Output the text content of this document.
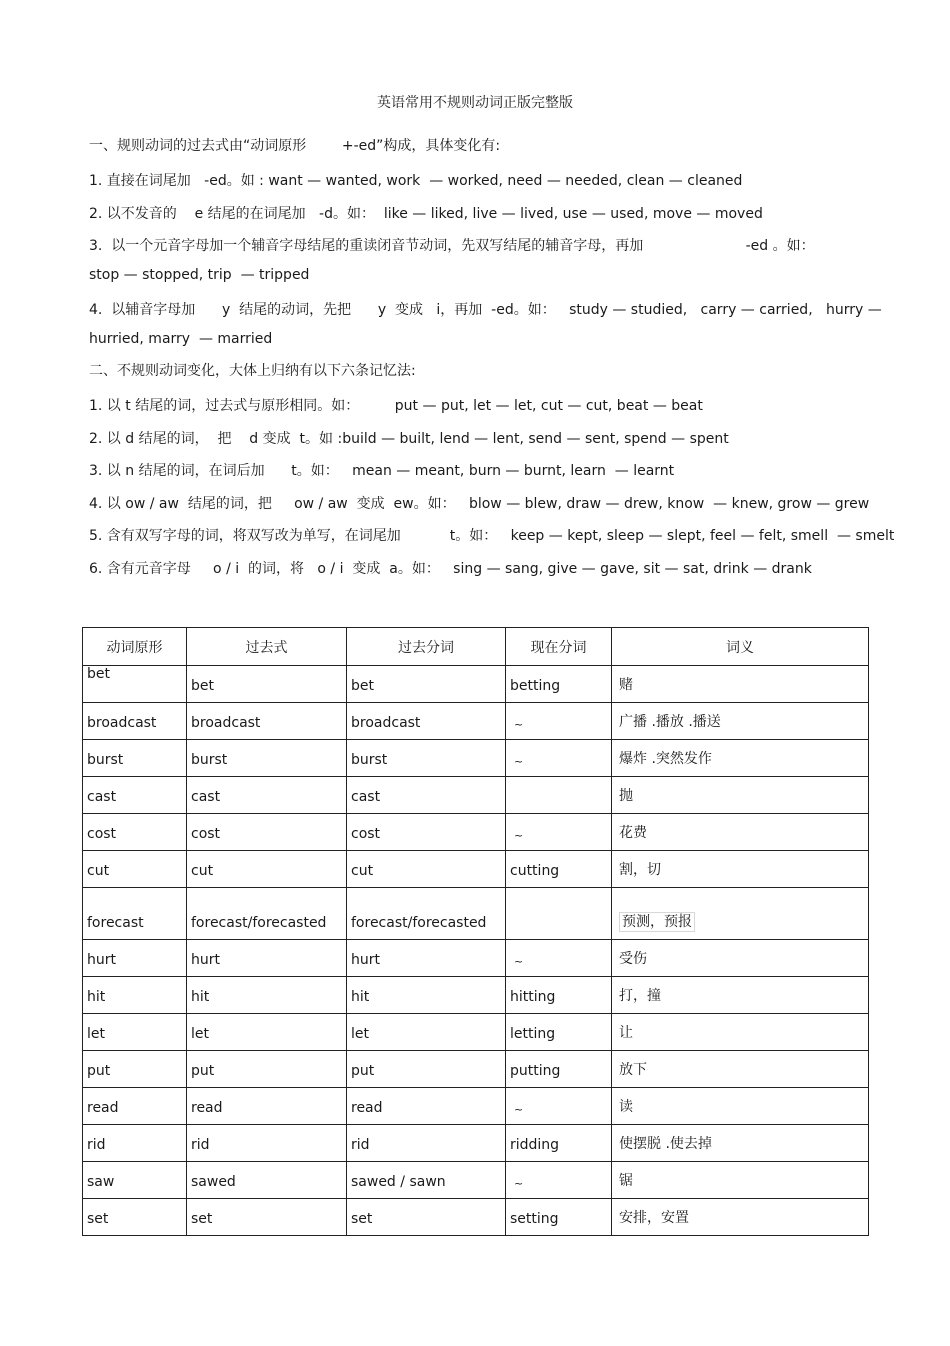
英语常用不规则动词正版完整版
一、规则动词的过去式由“动词原形        +-ed”构成，具体变化有:
1. 直接在词尾加   -ed。如 : want — wanted, work  — worked, need — needed, clean — cleaned
2. 以不发音的    e 结尾的在词尾加   -d。如：  like — liked, live — lived, use — used, move — moved
3.  以一个元音字母加一个辅音字母结尾的重读闭音节动词，先双写结尾的辅音字母，再加                       -ed 。如：
stop — stopped, trip  — tripped
4.  以辅音字母加      y  结尾的动词，先把      y  变成   i，再加  -ed。如：   study — studied,   carry — carried,   hurry —
hurried, marry  — married
二、不规则动词变化，大体上归纳有以下六条记忆法:
1. 以 t 结尾的词，过去式与原形相同。如：        put — put, let — let, cut — cut, beat — beat
2. 以 d 结尾的词，  把    d 变成  t。如 :build — built, lend — lent, send — sent, spend — spent
3. 以 n 结尾的词，在词后加      t。如：   mean — meant, burn — burnt, learn  — learnt
4. 以 ow / aw  结尾的词，把     ow / aw  变成  ew。如：   blow — blew, draw — drew, know  — knew, grow — grew
5. 含有双写字母的词，将双写改为单写，在词尾加           t。如：   keep — kept, sleep — slept, feel — felt, smell  — smelt
6. 含有元音字母     o / i  的词，将   o / i  变成  a。如：   sing — sang, give — gave, sit — sat, drink — drank
动词原形	过去式	过去分词	现在分词	词义
bet	bet	bet	betting	赌
broadcast	broadcast	broadcast	~	广播 .播放 .播送
burst	burst	burst	~	爆炸 .突然发作
cast	cast	cast		抛
cost	cost	cost	~	花费
cut	cut	cut	cutting	割，切
forecast	forecast/forecasted	forecast/forecasted		预测，预报
hurt	hurt	hurt	~	受伤
hit	hit	hit	hitting	打，撞
let	let	let	letting	让
put	put	put	putting	放下
read	read	read	~	读
rid	rid	rid	ridding	使摆脱 .使去掉
saw	sawed	sawed / sawn	~	锯
set	set	set	setting	安排，安置
